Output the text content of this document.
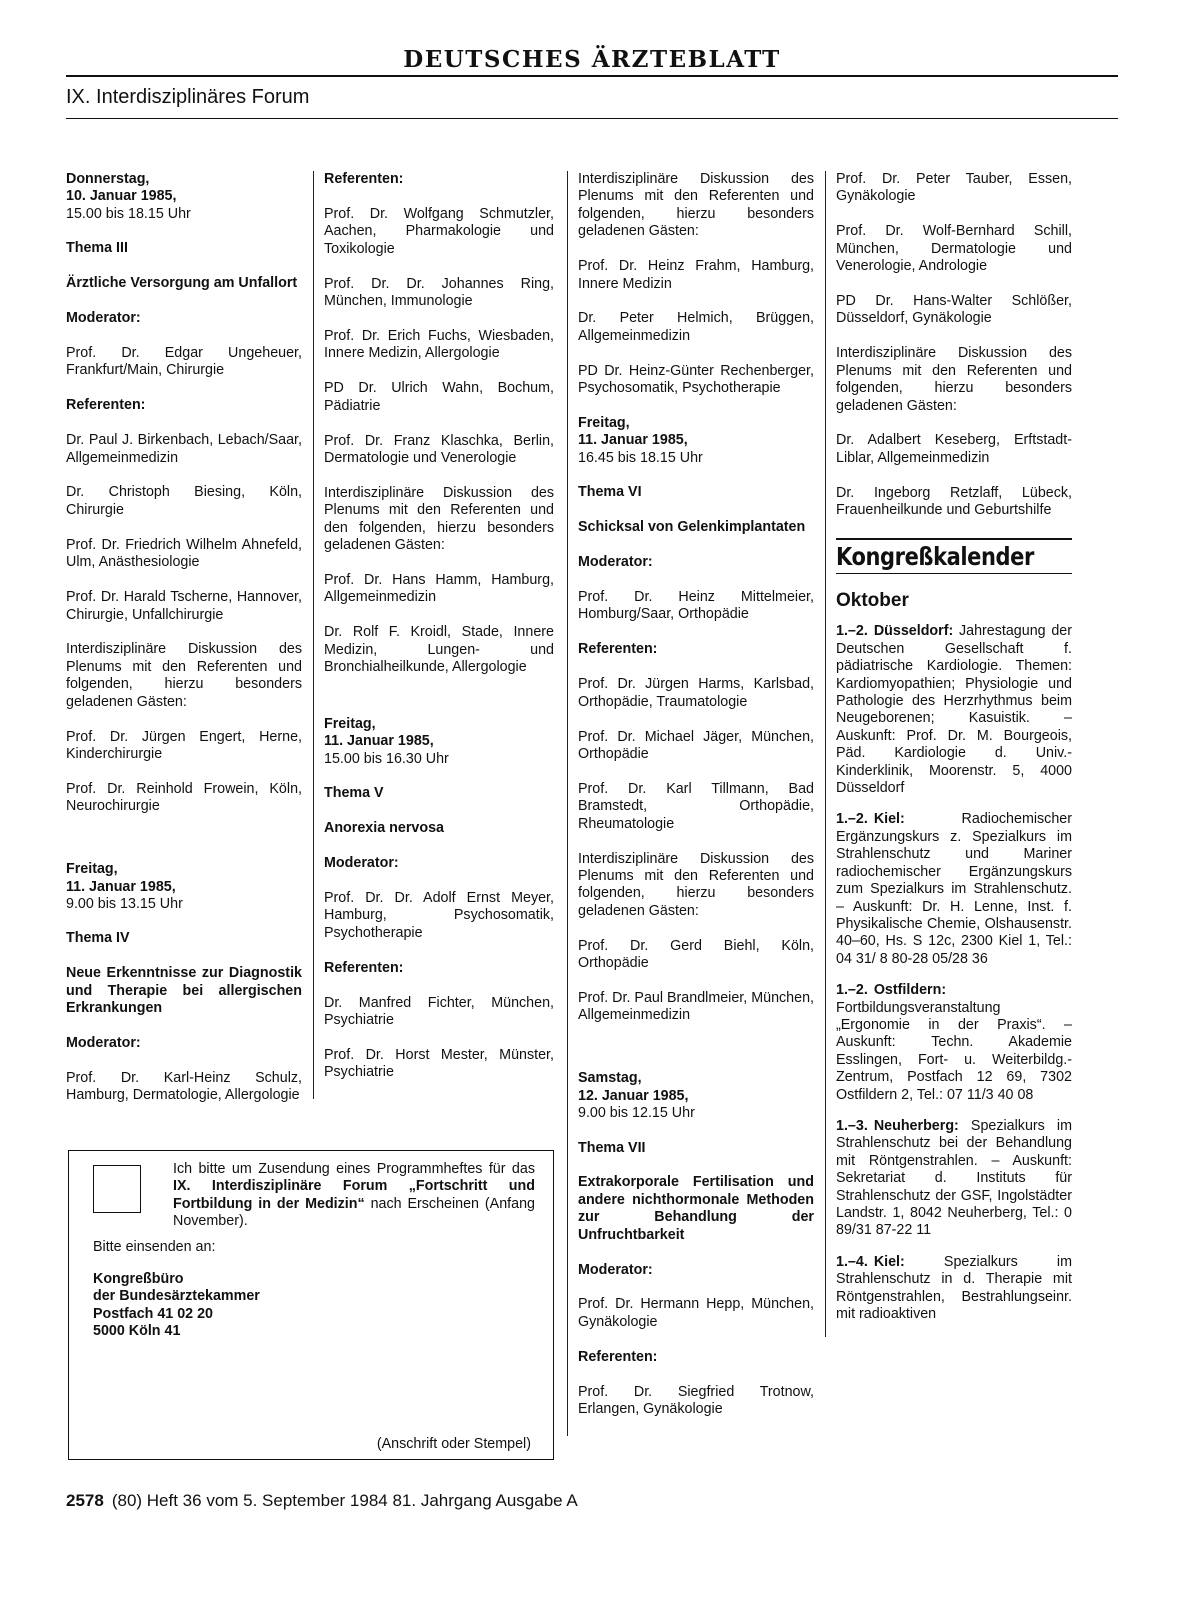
DEUTSCHES ÄRZTEBLATT
IX. Interdisziplinäres Forum
Donnerstag,
10. Januar 1985,
15.00 bis 18.15 Uhr

Thema III

Ärztliche Versorgung am Unfallort

Moderator:

Prof. Dr. Edgar Ungeheuer, Frankfurt/Main, Chirurgie

Referenten:

Dr. Paul J. Birkenbach, Lebach/Saar, Allgemeinmedizin

Dr. Christoph Biesing, Köln, Chirurgie

Prof. Dr. Friedrich Wilhelm Ahnefeld, Ulm, Anästhesiologie

Prof. Dr. Harald Tscherne, Hannover, Chirurgie, Unfallchirurgie

Interdisziplinäre Diskussion des Plenums mit den Referenten und folgenden, hierzu besonders geladenen Gästen:

Prof. Dr. Jürgen Engert, Herne, Kinderchirurgie

Prof. Dr. Reinhold Frowein, Köln, Neurochirurgie

Freitag,
11. Januar 1985,
9.00 bis 13.15 Uhr

Thema IV

Neue Erkenntnisse zur Diagnostik und Therapie bei allergischen Erkrankungen

Moderator:

Prof. Dr. Karl-Heinz Schulz, Hamburg, Dermatologie, Allergologie

Referenten:

Prof. Dr. Wolfgang Schmutzler, Aachen, Pharmakologie und Toxikologie

Prof. Dr. Dr. Johannes Ring, München, Immunologie

Prof. Dr. Erich Fuchs, Wiesbaden, Innere Medizin, Allergologie

PD Dr. Ulrich Wahn, Bochum, Pädiatrie

Prof. Dr. Franz Klaschka, Berlin, Dermatologie und Venerologie

Interdisziplinäre Diskussion des Plenums mit den Referenten und den folgenden, hierzu besonders geladenen Gästen:

Prof. Dr. Hans Hamm, Hamburg, Allgemeinmedizin

Dr. Rolf F. Kroidl, Stade, Innere Medizin, Lungen- und Bronchialheilkunde, Allergologie

Freitag,
11. Januar 1985,
15.00 bis 16.30 Uhr

Thema V

Anorexia nervosa

Moderator:

Prof. Dr. Dr. Adolf Ernst Meyer, Hamburg, Psychosomatik, Psychotherapie

Referenten:

Dr. Manfred Fichter, München, Psychiatrie

Prof. Dr. Horst Mester, Münster, Psychiatrie

Interdisziplinäre Diskussion des Plenums mit den Referenten und folgenden, hierzu besonders geladenen Gästen:

Prof. Dr. Heinz Frahm, Hamburg, Innere Medizin

Dr. Peter Helmich, Brüggen, Allgemeinmedizin

PD Dr. Heinz-Günter Rechenberger, Psychosomatik, Psychotherapie

Freitag,
11. Januar 1985,
16.45 bis 18.15 Uhr

Thema VI

Schicksal von Gelenkimplantaten

Moderator:

Prof. Dr. Heinz Mittelmeier, Homburg/Saar, Orthopädie

Referenten:

Prof. Dr. Jürgen Harms, Karlsbad, Orthopädie, Traumatologie

Prof. Dr. Michael Jäger, München, Orthopädie

Prof. Dr. Karl Tillmann, Bad Bramstedt, Orthopädie, Rheumatologie

Interdisziplinäre Diskussion des Plenums mit den Referenten und folgenden, hierzu besonders geladenen Gästen:

Prof. Dr. Gerd Biehl, Köln, Orthopädie

Prof. Dr. Paul Brandlmeier, München, Allgemeinmedizin

Samstag,
12. Januar 1985,
9.00 bis 12.15 Uhr

Thema VII

Extrakorporale Fertilisation und andere nichthormonale Methoden zur Behandlung der Unfruchtbarkeit

Moderator:

Prof. Dr. Hermann Hepp, München, Gynäkologie

Referenten:

Prof. Dr. Siegfried Trotnow, Erlangen, Gynäkologie

Prof. Dr. Peter Tauber, Essen, Gynäkologie

Prof. Dr. Wolf-Bernhard Schill, München, Dermatologie und Venerologie, Andrologie

PD Dr. Hans-Walter Schlößer, Düsseldorf, Gynäkologie

Interdisziplinäre Diskussion des Plenums mit den Referenten und folgenden, hierzu besonders geladenen Gästen:

Dr. Adalbert Keseberg, Erftstadt-Liblar, Allgemeinmedizin

Dr. Ingeborg Retzlaff, Lübeck, Frauenheilkunde und Geburtshilfe

Kongreßkalender
Oktober
1.–2. Düsseldorf: Jahrestagung der Deutschen Gesellschaft f. pädiatrische Kardiologie. Themen: Kardiomyopathien; Physiologie und Pathologie des Herzrhythmus beim Neugeborenen; Kasuistik. – Auskunft: Prof. Dr. M. Bourgeois, Päd. Kardiologie d. Univ.-Kinderklinik, Moorenstr. 5, 4000 Düsseldorf
1.–2. Kiel:	Radiochemischer Ergänzungskurs z. Spezialkurs im Strahlenschutz und Mariner radiochemischer Ergänzungskurs zum Spezialkurs im Strahlenschutz. – Auskunft: Dr. H. Lenne, Inst. f. Physikalische Chemie, Olshausenstr. 40–60, Hs. S 12c, 2300 Kiel 1, Tel.: 04 31/ 8 80-28 05/28 36
1.–2. Ostfildern: Fortbildungsveranstaltung „Ergonomie in der Praxis“. – Auskunft: Techn. Akademie Esslingen, Fort- u. Weiterbildg.-Zentrum, Postfach 12 69, 7302 Ostfildern 2, Tel.: 07 11/3 40 08
1.–3. Neuherberg: Spezialkurs im Strahlenschutz bei der Behandlung mit Röntgenstrahlen. – Auskunft: Sekretariat d. Instituts für Strahlenschutz der GSF, Ingolstädter Landstr. 1, 8042 Neuherberg, Tel.: 0 89/31 87-22 11
1.–4. Kiel:	Spezialkurs im Strahlenschutz in d. Therapie mit Röntgenstrahlen, Bestrahlungseinr. mit radioaktiven
Ich bitte um Zusendung eines Programmheftes für das IX. Interdisziplinäre Forum „Fortschritt und Fortbildung in der Medizin“ nach Erscheinen (Anfang November).
Bitte einsenden an:
Kongreßbüro
der Bundesärztekammer
Postfach 41 02 20
5000 Köln 41
(Anschrift oder Stempel)
2578 (80) Heft 36 vom 5. September 1984 81. Jahrgang Ausgabe A
